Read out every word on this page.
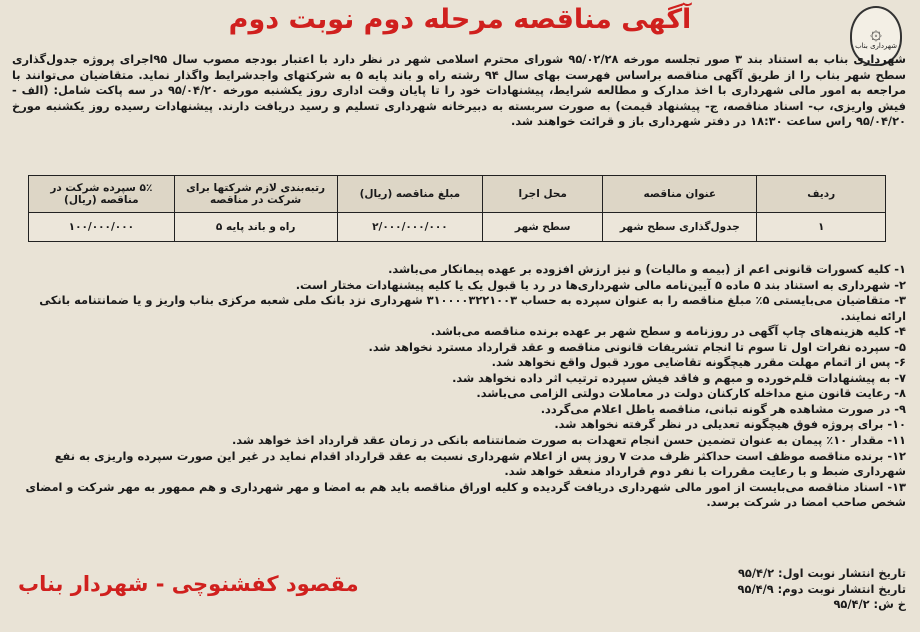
۞
شهرداری بناب
آگهی مناقصه مرحله دوم نوبت دوم
شهرداری بناب به استناد بند ۳ صور تجلسه مورخه ۹۵/۰۲/۲۸ شورای محترم اسلامی شهر در نظر دارد با اعتبار بودجه مصوب سال ۹۵اجرای پروژه جدول‌گذاری سطح شهر بناب را از طریق آگهی مناقصه براساس فهرست بهای سال ۹۴ رشته راه و باند پایه ۵ به شرکتهای واجدشرایط واگذار نماید. متقاضیان می‌توانند با مراجعه به امور مالی شهرداری با اخذ مدارک و مطالعه شرایط، پیشنهادات خود را تا پایان وقت اداری روز یکشنبه مورخه ۹۵/۰۴/۲۰ در سه پاکت شامل: (الف - فیش واریزی، ب- اسناد مناقصه، ج- پیشنهاد قیمت) به صورت سربسته به دبیرخانه شهرداری تسلیم و رسید دریافت دارند. پیشنهادات رسیده روز یکشنبه مورخ ۹۵/۰۴/۲۰ راس ساعت ۱۸:۳۰ در دفتر شهرداری باز و قرائت خواهند شد.
ردیف	عنوان مناقصه	محل اجرا	مبلغ مناقصه (ریال)	رتبه‌بندی لازم شرکتها برای شرکت در مناقصه	۵٪ سپرده شرکت در مناقصه (ریال)
۱	جدول‌گذاری سطح شهر	سطح شهر	۲/۰۰۰/۰۰۰/۰۰۰	راه و باند پایه ۵	۱۰۰/۰۰۰/۰۰۰

۱- کلیه کسورات قانونی اعم از (بیمه و مالیات) و نیز ارزش افزوده بر عهده پیمانکار می‌باشد.

۲- شهرداری به استناد بند ۵ ماده ۵ آیین‌نامه مالی شهرداری‌ها در رد یا قبول یک یا کلیه پیشنهادات مختار است.

۳- متقاضیان می‌بایستی ۵٪ مبلغ مناقصه را به عنوان سپرده به حساب ۳۱۰۰۰۰۳۲۲۱۰۰۳ شهرداری نزد بانک ملی شعبه مرکزی بناب واریز و یا ضمانتنامه بانکی ارائه نمایند.

۴- کلیه هزینه‌های چاپ آگهی در روزنامه و سطح شهر بر عهده برنده مناقصه می‌باشد.

۵- سپرده نفرات اول تا سوم تا انجام تشریفات قانونی مناقصه و عقد قرارداد مسترد نخواهد شد.

۶- پس از اتمام مهلت مقرر هیچگونه تقاضایی مورد قبول واقع نخواهد شد.

۷- به پیشنهادات قلم‌خورده و مبهم و فاقد فیش سپرده ترتیب اثر داده نخواهد شد.

۸- رعایت قانون منع مداخله کارکنان دولت در معاملات دولتی الزامی می‌باشد.

۹- در صورت مشاهده هر گونه تبانی، مناقصه باطل اعلام می‌گردد.

۱۰- برای پروژه فوق هیچگونه تعدیلی در نظر گرفته نخواهد شد.

۱۱- مقدار ۱۰٪ پیمان به عنوان تضمین حسن انجام تعهدات به صورت ضمانتنامه بانکی در زمان عقد قرارداد اخذ خواهد شد.

۱۲- برنده مناقصه موظف است حداکثر ظرف مدت ۷ روز پس از اعلام شهرداری نسبت به عقد قرارداد اقدام نماید در غیر این صورت سپرده واریزی به نفع شهرداری ضبط و با رعایت مقررات با نفر دوم قرارداد منعقد خواهد شد.

۱۳- اسناد مناقصه می‌بایست از امور مالی شهرداری دریافت گردیده و کلیه اوراق مناقصه باید هم به امضا و مهر شهرداری و هم ممهور به مهر شرکت و امضای شخص صاحب امضا در شرکت برسد.

تاریخ انتشار نوبت اول: ۹۵/۴/۲

تاریخ انتشار نوبت دوم: ۹۵/۴/۹

خ ش: ۹۵/۴/۲

مقصود کفشنوچی - شهردار بناب
